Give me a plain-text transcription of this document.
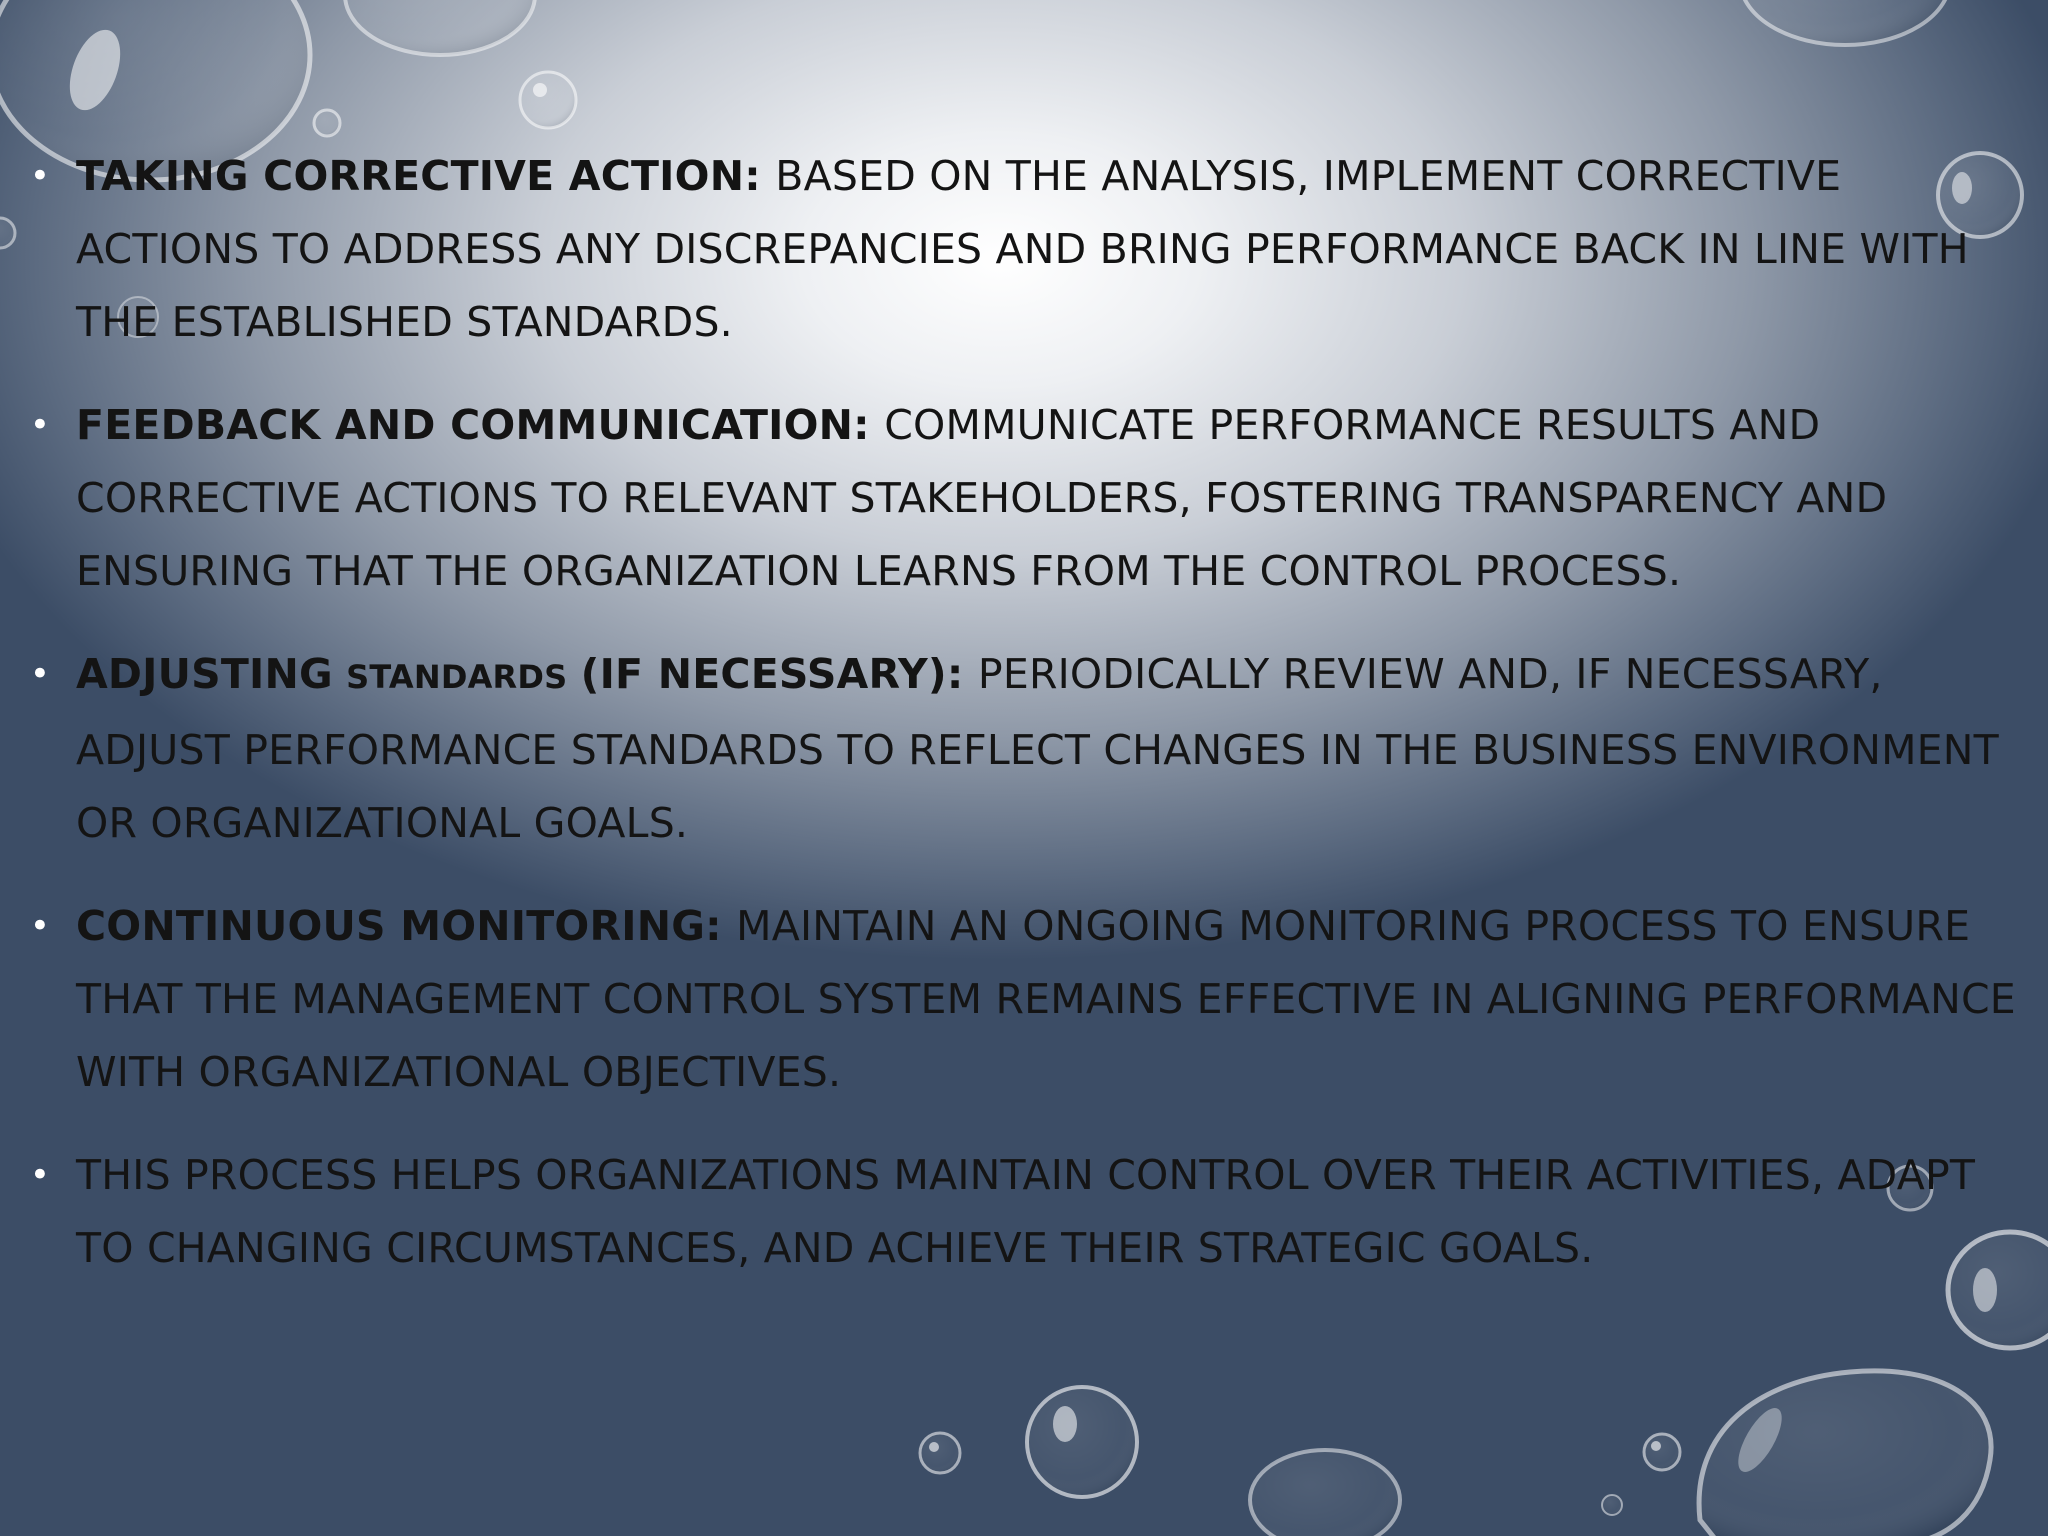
• TAKING CORRECTIVE ACTION: BASED ON THE ANALYSIS, IMPLEMENT CORRECTIVE ACTIONS TO ADDRESS ANY DISCREPANCIES AND BRING PERFORMANCE BACK IN LINE WITH THE ESTABLISHED STANDARDS.
• FEEDBACK AND COMMUNICATION: COMMUNICATE PERFORMANCE RESULTS AND CORRECTIVE ACTIONS TO RELEVANT STAKEHOLDERS, FOSTERING TRANSPARENCY AND ENSURING THAT THE ORGANIZATION LEARNS FROM THE CONTROL PROCESS.
• ADJUSTING STANDARDS (IF NECESSARY): PERIODICALLY REVIEW AND, IF NECESSARY, ADJUST PERFORMANCE STANDARDS TO REFLECT CHANGES IN THE BUSINESS ENVIRONMENT OR ORGANIZATIONAL GOALS.
• CONTINUOUS MONITORING: MAINTAIN AN ONGOING MONITORING PROCESS TO ENSURE THAT THE MANAGEMENT CONTROL SYSTEM REMAINS EFFECTIVE IN ALIGNING PERFORMANCE WITH ORGANIZATIONAL OBJECTIVES.
• THIS PROCESS HELPS ORGANIZATIONS MAINTAIN CONTROL OVER THEIR ACTIVITIES, ADAPT TO CHANGING CIRCUMSTANCES, AND ACHIEVE THEIR STRATEGIC GOALS.
